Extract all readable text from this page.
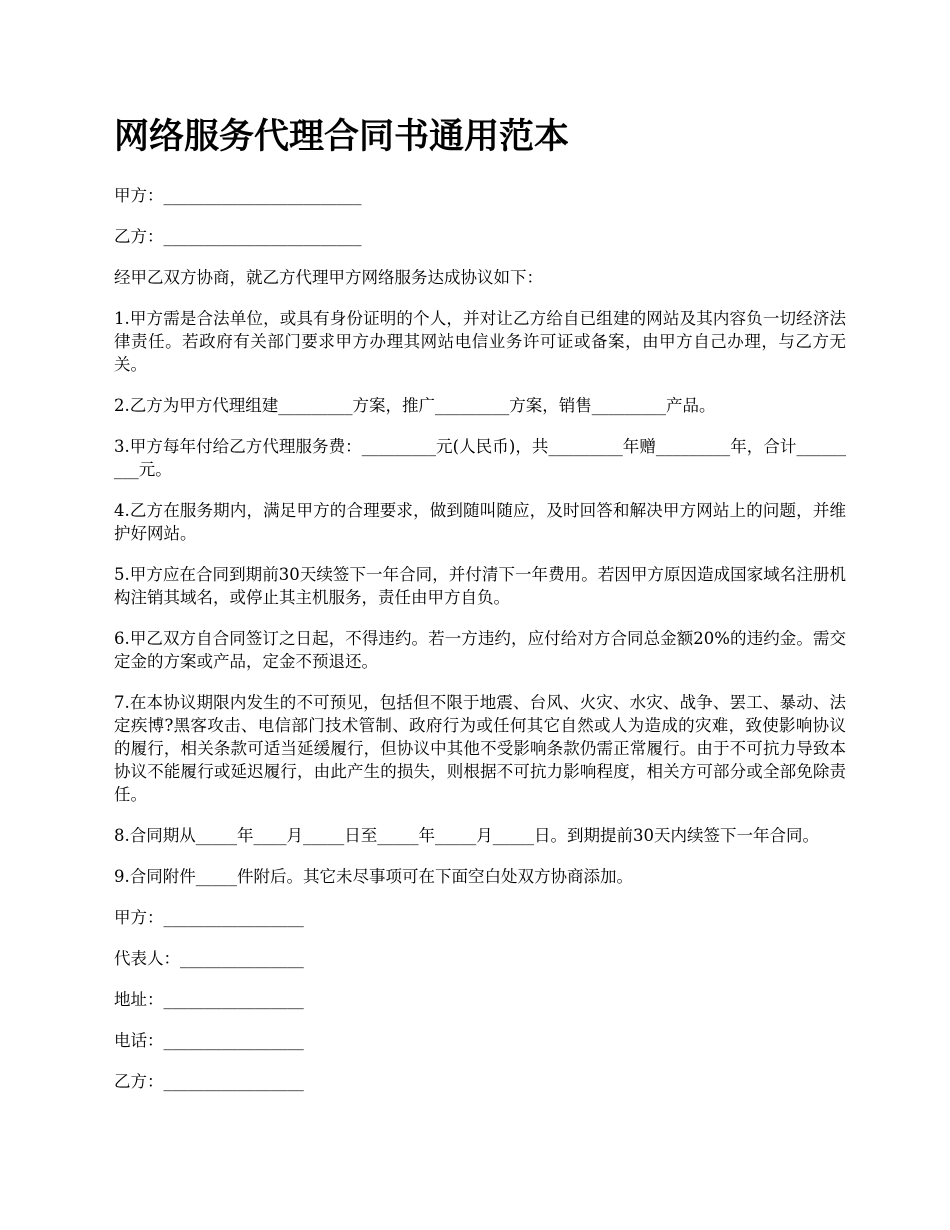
网络服务代理合同书通用范本

甲方：________________________

乙方：________________________

经甲乙双方协商，就乙方代理甲方网络服务达成协议如下：

1.甲方需是合法单位，或具有身份证明的个人，并对让乙方给自已组建的网站及其内容负一切经济法律责任。若政府有关部门要求甲方办理其网站电信业务许可证或备案，由甲方自己办理，与乙方无关。

2.乙方为甲方代理组建_________方案，推广_________方案，销售_________产品。

3.甲方每年付给乙方代理服务费：_________元(人民币)，共_________年赠_________年，合计_________元。

4.乙方在服务期内，满足甲方的合理要求，做到随叫随应，及时回答和解决甲方网站上的问题，并维护好网站。

5.甲方应在合同到期前30天续签下一年合同，并付清下一年费用。若因甲方原因造成国家域名注册机构注销其域名，或停止其主机服务，责任由甲方自负。

6.甲乙双方自合同签订之日起，不得违约。若一方违约，应付给对方合同总金额20%的违约金。需交定金的方案或产品，定金不预退还。

7.在本协议期限内发生的不可预见，包括但不限于地震、台风、火灾、水灾、战争、罢工、暴动、法定疾博?黑客攻击、电信部门技术管制、政府行为或任何其它自然或人为造成的灾难，致使影响协议的履行，相关条款可适当延缓履行，但协议中其他不受影响条款仍需正常履行。由于不可抗力导致本协议不能履行或延迟履行，由此产生的损失，则根据不可抗力影响程度，相关方可部分或全部免除责任。

8.合同期从_____年____月_____日至_____年_____月_____日。到期提前30天内续签下一年合同。

9.合同附件_____件附后。其它未尽事项可在下面空白处双方协商添加。

甲方：_________________

代表人：_______________

地址：_________________

电话：_________________

乙方：_________________
